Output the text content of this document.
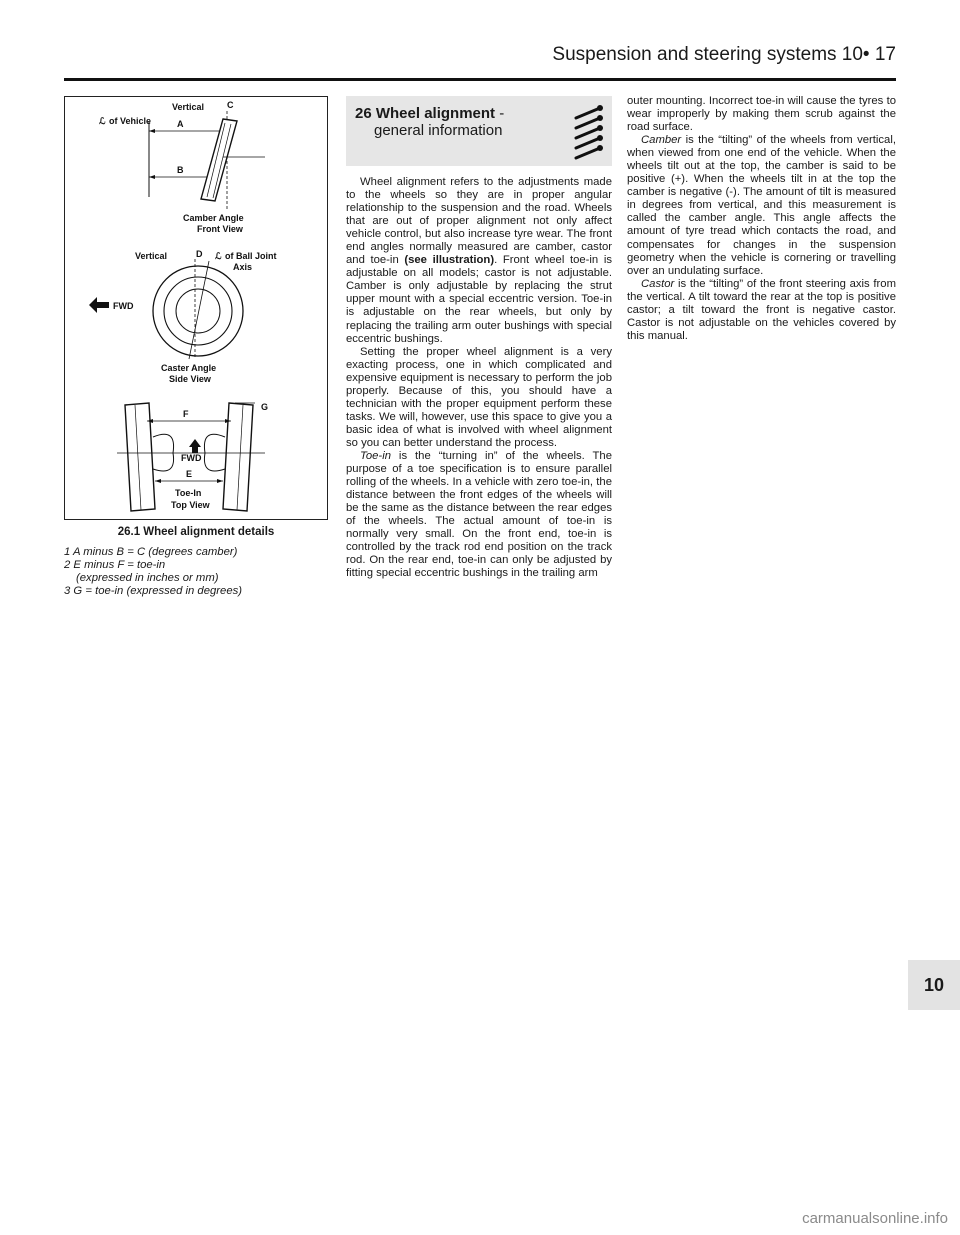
Suspension and steering systems 10• 17
ℒ of Vehicle
Vertical	C
A
B
Camber Angle
Front View
Vertical	D ℒ of Ball Joint
Axis
FWD
Caster Angle
Side View
F
G
FWD
E
Toe-In
Top View
26.1 Wheel alignment details
1 A minus B = C (degrees camber)
2 E minus F = toe-in
(expressed in inches or mm)
3 G = toe-in (expressed in degrees)
26 Wheel alignment -
general information

Wheel alignment refers to the adjustments made to the wheels so they are in proper angular relationship to the suspension and the road. Wheels that are out of proper alignment not only affect vehicle control, but also increase tyre wear. The front end angles normally measured are camber, castor and toe-in (see illustration). Front wheel toe-in is adjustable on all models; castor is not adjustable. Camber is only adjustable by replacing the strut upper mount with a special eccentric version. Toe-in is adjustable on the rear wheels, but only by replacing the trailing arm outer bushings with special eccentric bushings.

Setting the proper wheel alignment is a very exacting process, one in which complicated and expensive equipment is necessary to perform the job properly. Because of this, you should have a technician with the proper equipment perform these tasks. We will, however, use this space to give you a basic idea of what is involved with wheel alignment so you can better understand the process.

Toe-in is the “turning in” of the wheels. The purpose of a toe specification is to ensure parallel rolling of the wheels. In a vehicle with zero toe-in, the distance between the front edges of the wheels will be the same as the distance between the rear edges of the wheels. The actual amount of toe-in is normally very small. On the front end, toe-in is controlled by the track rod end position on the track rod. On the rear end, toe-in can only be adjusted by fitting special eccentric bushings in the trailing arm

outer mounting. Incorrect toe-in will cause the tyres to wear improperly by making them scrub against the road surface.

Camber is the “tilting” of the wheels from vertical, when viewed from one end of the vehicle. When the wheels tilt out at the top, the camber is said to be positive (+). When the wheels tilt in at the top the camber is negative (-). The amount of tilt is measured in degrees from vertical, and this measurement is called the camber angle. This angle affects the amount of tyre tread which contacts the road, and compensates for changes in the suspension geometry when the vehicle is cornering or travelling over an undulating surface.

Castor is the “tilting” of the front steering axis from the vertical. A tilt toward the rear at the top is positive castor; a tilt toward the front is negative castor. Castor is not adjustable on the vehicles covered by this manual.

10
carmanualsonline.info
